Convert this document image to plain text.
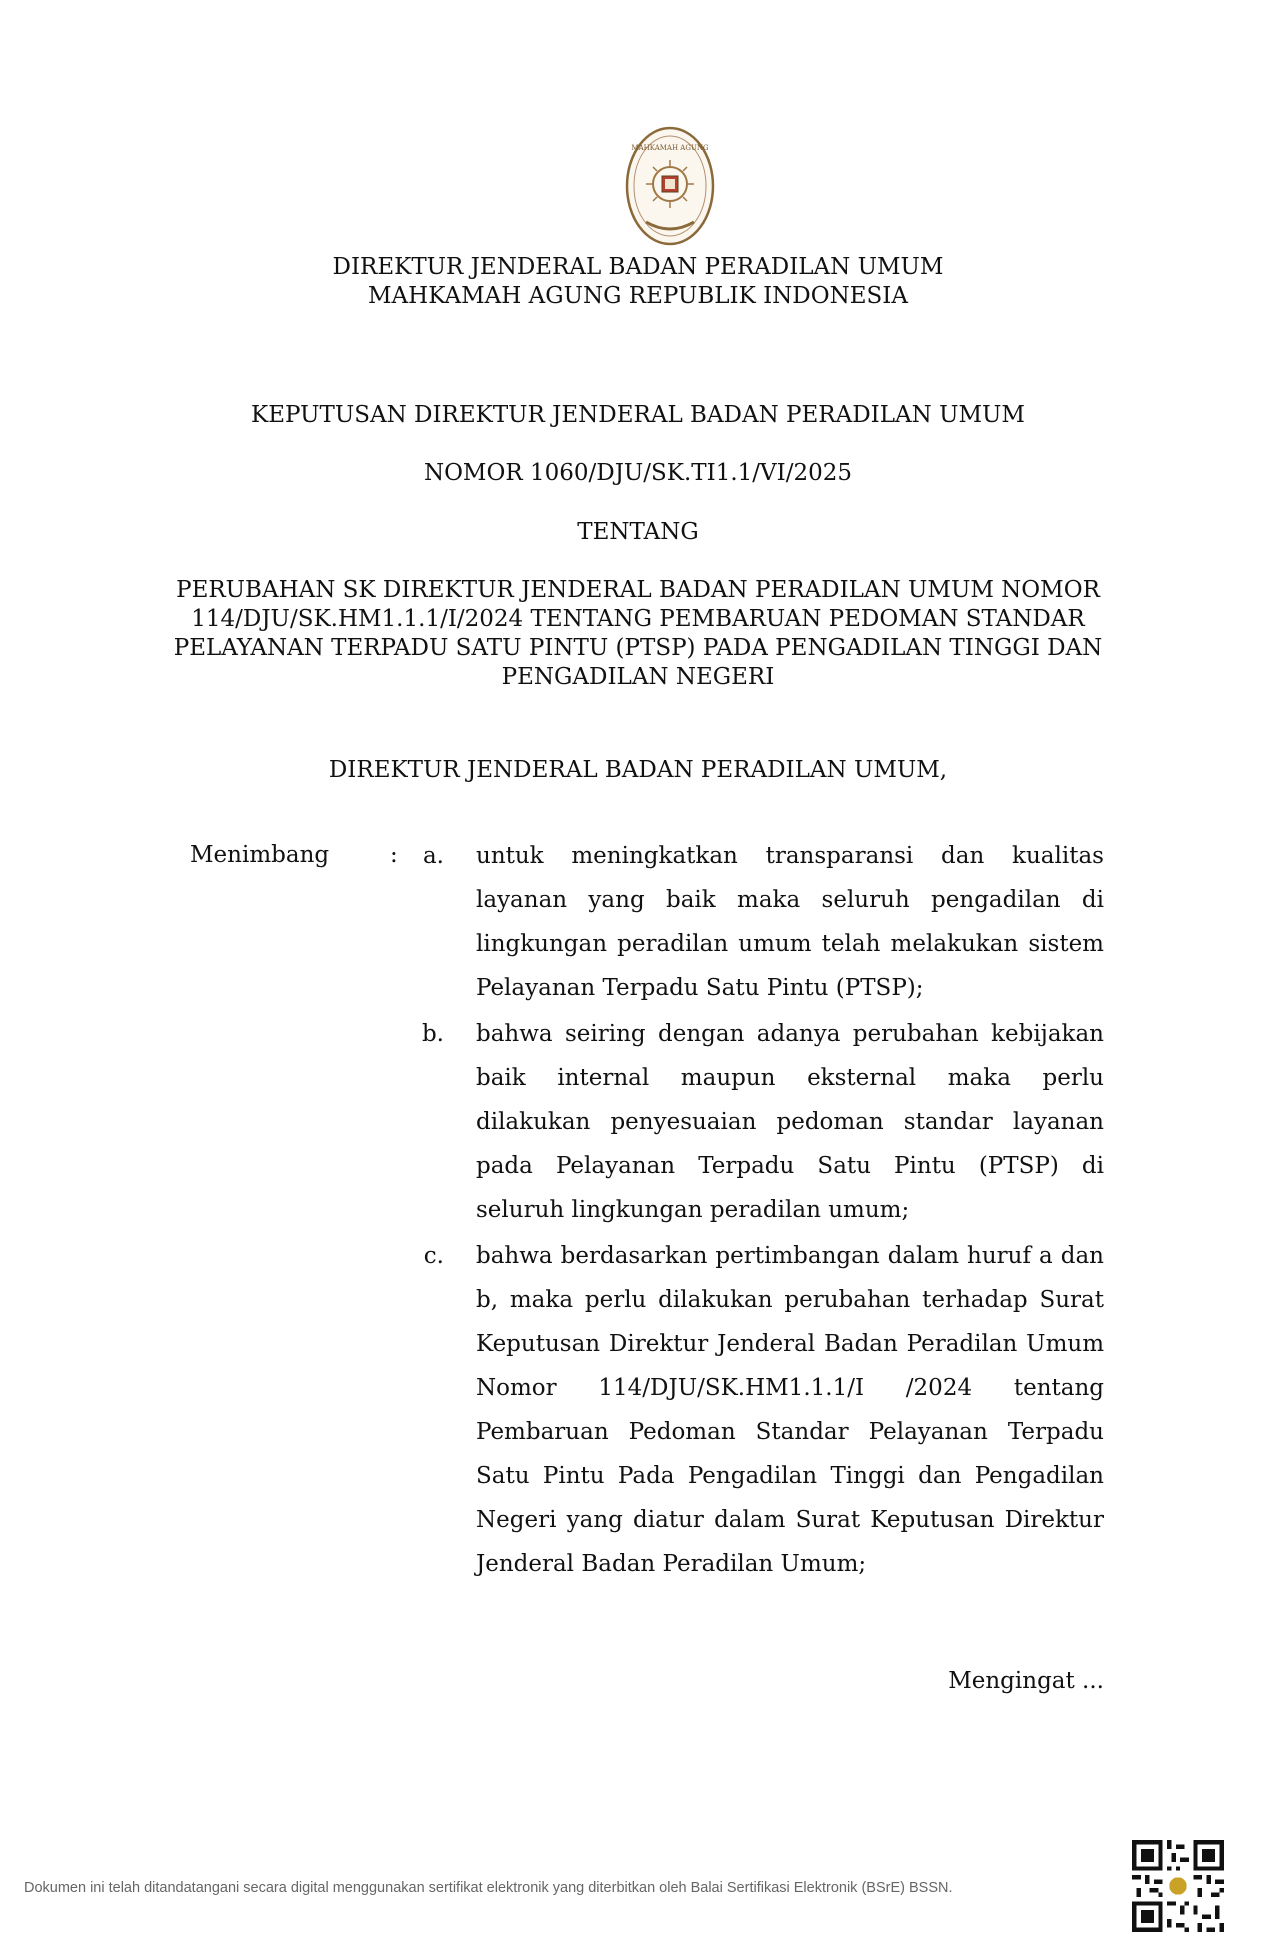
MAHKAMAH AGUNG
DIREKTUR JENDERAL BADAN PERADILAN UMUM
MAHKAMAH AGUNG REPUBLIK INDONESIA
KEPUTUSAN DIREKTUR JENDERAL BADAN PERADILAN UMUM
NOMOR 1060/DJU/SK.TI1.1/VI/2025
TENTANG
PERUBAHAN SK DIREKTUR JENDERAL BADAN PERADILAN UMUM NOMOR
114/DJU/SK.HM1.1.1/I/2024 TENTANG PEMBARUAN PEDOMAN STANDAR
PELAYANAN TERPADU SATU PINTU (PTSP) PADA PENGADILAN TINGGI DAN
PENGADILAN NEGERI
DIREKTUR JENDERAL BADAN PERADILAN UMUM,
Menimbang	:	a. untuk meningkatkan transparansi dan kualitas layanan yang baik maka seluruh pengadilan di lingkungan peradilan umum telah melakukan sistem Pelayanan Terpadu Satu Pintu (PTSP);
b. bahwa seiring dengan adanya perubahan kebijakan baik internal maupun eksternal maka perlu dilakukan penyesuaian pedoman standar layanan pada Pelayanan Terpadu Satu Pintu (PTSP) di seluruh lingkungan peradilan umum;
c. bahwa berdasarkan pertimbangan dalam huruf a dan b, maka perlu dilakukan perubahan terhadap Surat Keputusan Direktur Jenderal Badan Peradilan Umum Nomor 114/DJU/SK.HM1.1.1/I /2024 tentang Pembaruan Pedoman Standar Pelayanan Terpadu Satu Pintu Pada Pengadilan Tinggi dan Pengadilan Negeri yang diatur dalam Surat Keputusan Direktur Jenderal Badan Peradilan Umum;
Mengingat ...
Dokumen ini telah ditandatangani secara digital menggunakan sertifikat elektronik yang diterbitkan oleh Balai Sertifikasi Elektronik (BSrE) BSSN.
